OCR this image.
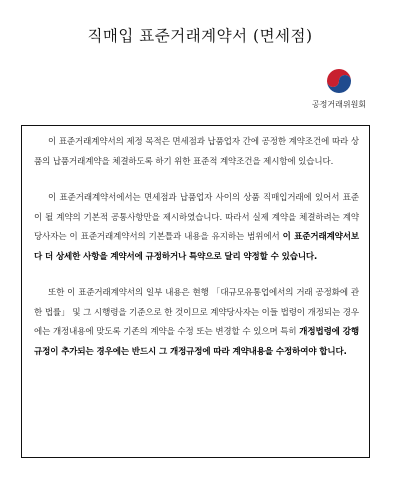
직매입 표준거래계약서 (면세점)
공정거래위원회

이 표준거래계약서의 제정 목적은 면세점과 납품업자 간에 공정한 계약조건에 따라 상품의 납품거래계약을 체결하도록 하기 위한 표준적 계약조건을 제시함에 있습니다.

이 표준거래계약서에서는 면세점과 납품업자 사이의 상품 직매입거래에 있어서 표준이 될 계약의 기본적 공통사항만을 제시하였습니다. 따라서 실제 계약을 체결하려는 계약당사자는 이 표준거래계약서의 기본틀과 내용을 유지하는 범위에서 이 표준거래계약서보다 더 상세한 사항을 계약서에 규정하거나 특약으로 달리 약정할 수 있습니다.

또한 이 표준거래계약서의 일부 내용은 현행 「대규모유통업에서의 거래 공정화에 관한 법률」 및 그 시행령을 기준으로 한 것이므로 계약당사자는 이들 법령이 개정되는 경우에는 개정내용에 맞도록 기존의 계약을 수정 또는 변경할 수 있으며 특히 개정법령에 강행규정이 추가되는 경우에는 반드시 그 개정규정에 따라 계약내용을 수정하여야 합니다.
